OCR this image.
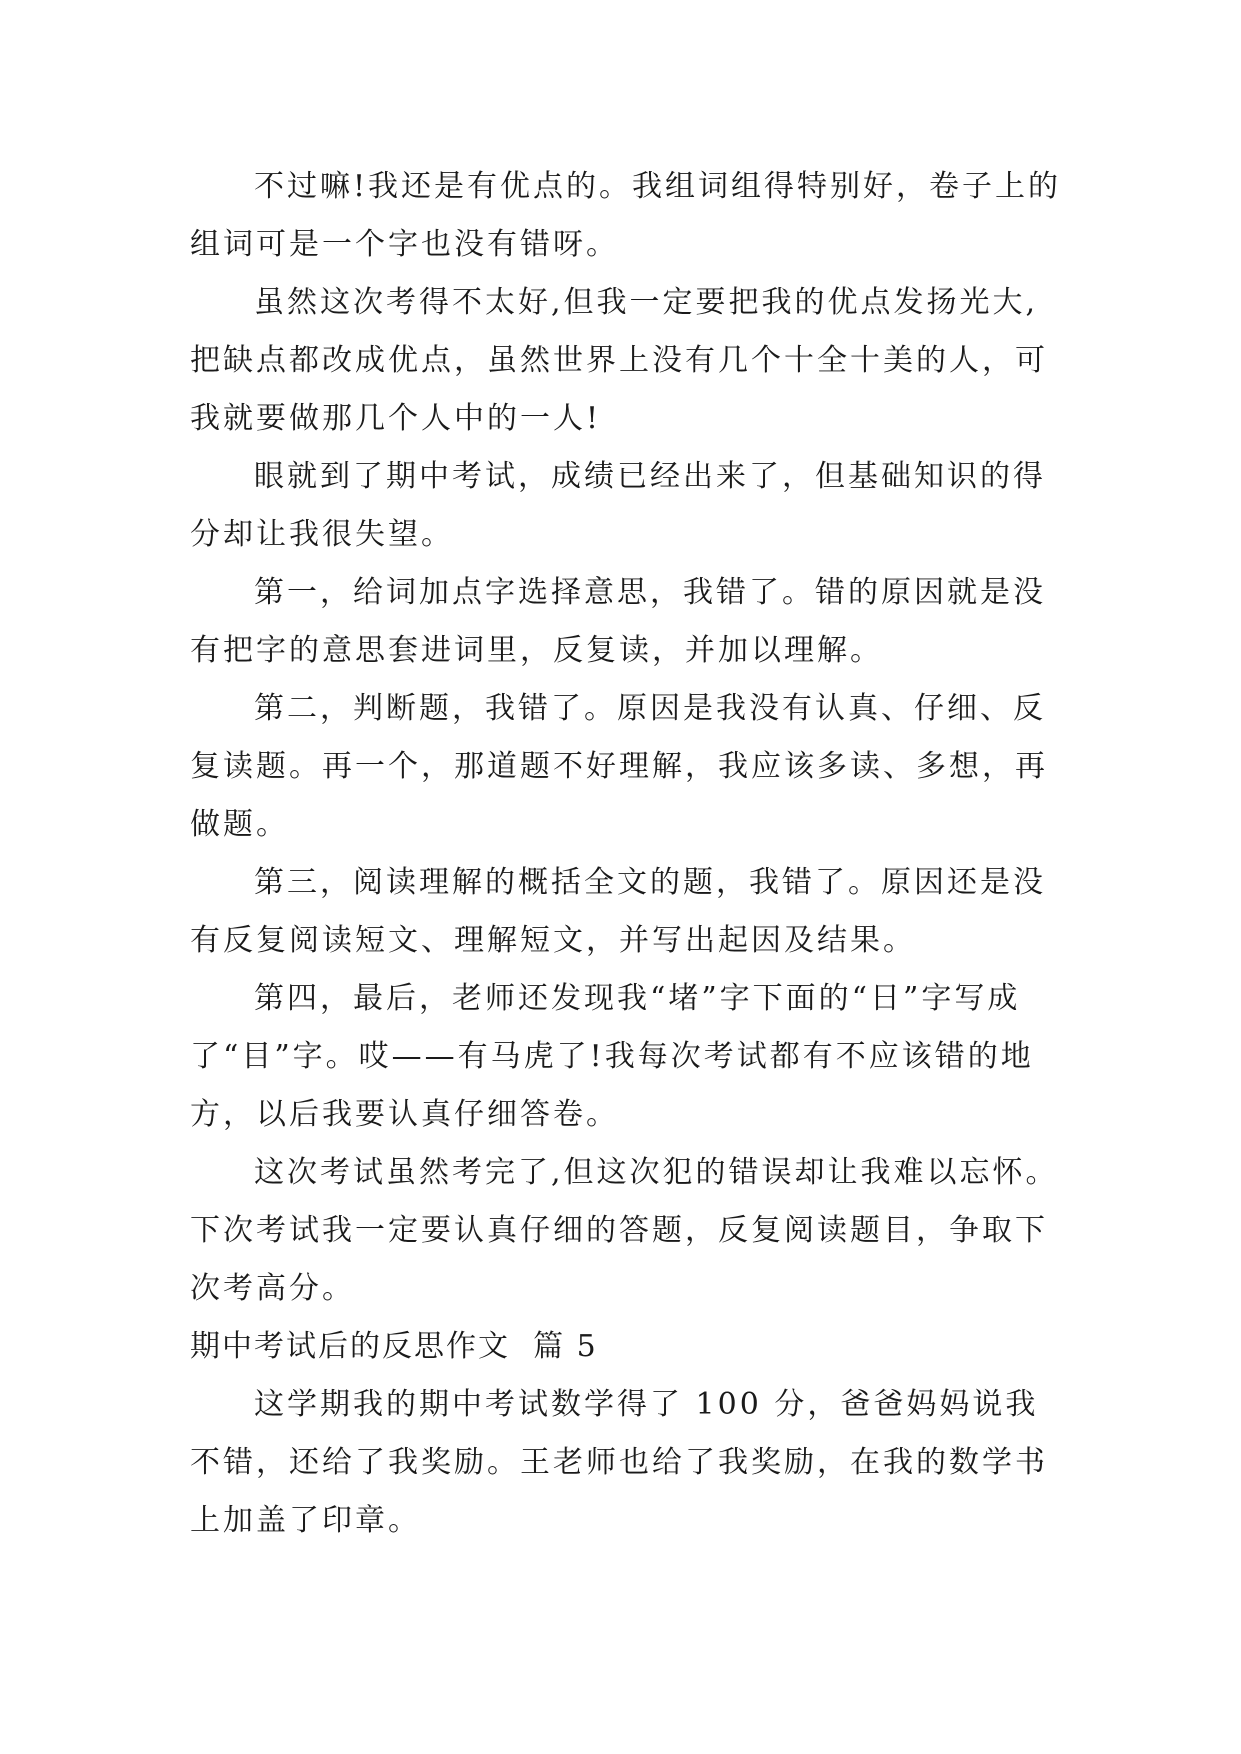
不过嘛!我还是有优点的。我组词组得特别好，卷子上的组词可是一个字也没有错呀。

虽然这次考得不太好,但我一定要把我的优点发扬光大,把缺点都改成优点，虽然世界上没有几个十全十美的人，可我就要做那几个人中的一人!

眼就到了期中考试，成绩已经出来了，但基础知识的得分却让我很失望。

第一，给词加点字选择意思，我错了。错的原因就是没有把字的意思套进词里，反复读，并加以理解。

第二，判断题，我错了。原因是我没有认真、仔细、反复读题。再一个，那道题不好理解，我应该多读、多想，再做题。

第三，阅读理解的概括全文的题，我错了。原因还是没有反复阅读短文、理解短文，并写出起因及结果。

第四，最后，老师还发现我“堵”字下面的“日”字写成了“目”字。哎——有马虎了!我每次考试都有不应该错的地方，以后我要认真仔细答卷。

这次考试虽然考完了,但这次犯的错误却让我难以忘怀。下次考试我一定要认真仔细的答题，反复阅读题目，争取下次考高分。

期中考试后的反思作文  篇 5

这学期我的期中考试数学得了 100 分，爸爸妈妈说我不错，还给了我奖励。王老师也给了我奖励，在我的数学书上加盖了印章。
